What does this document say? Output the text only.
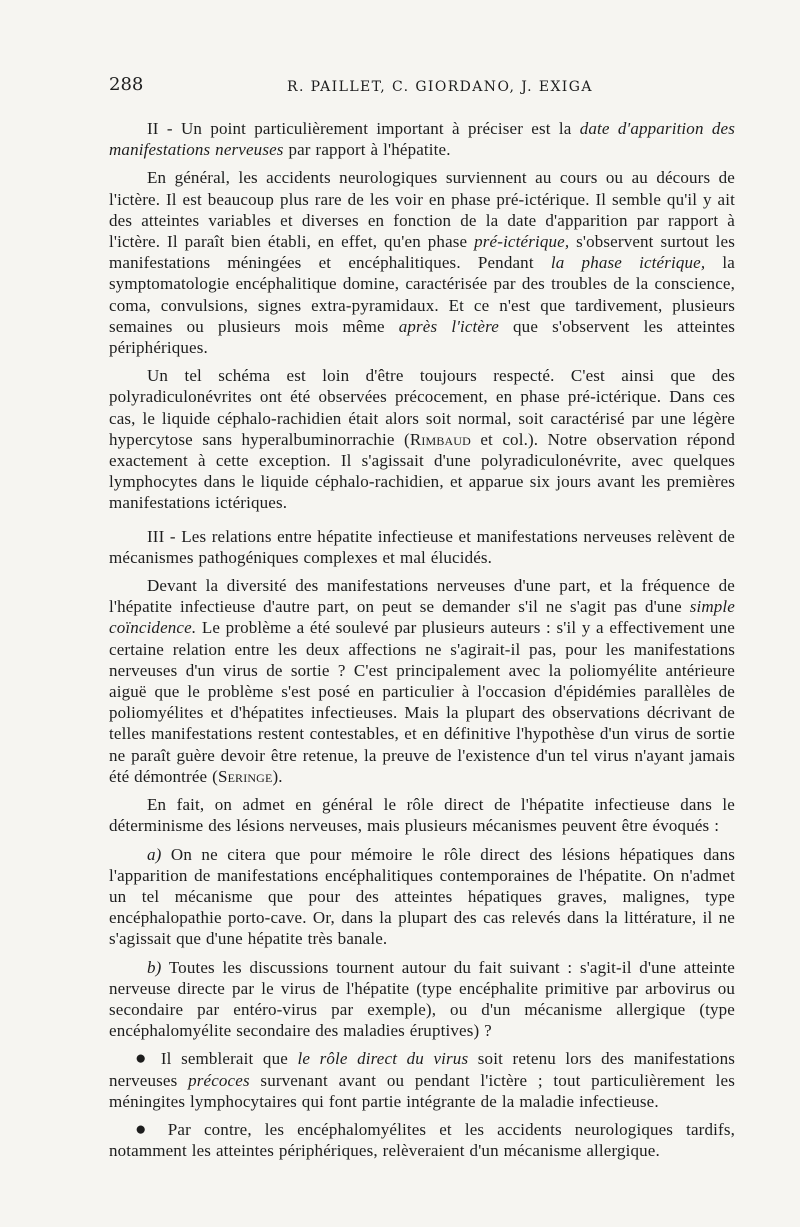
288	R. PAILLET, C. GIORDANO, J. EXIGA

II - Un point particulièrement important à préciser est la date d'apparition des manifestations nerveuses par rapport à l'hépatite.

En général, les accidents neurologiques surviennent au cours ou au décours de l'ictère. Il est beaucoup plus rare de les voir en phase pré-ictérique. Il semble qu'il y ait des atteintes variables et diverses en fonction de la date d'apparition par rapport à l'ictère. Il paraît bien établi, en effet, qu'en phase pré-ictérique, s'observent surtout les manifestations méningées et encéphalitiques. Pendant la phase ictérique, la symptomatologie encéphalitique domine, caractérisée par des troubles de la conscience, coma, convulsions, signes extra-pyramidaux. Et ce n'est que tardivement, plusieurs semaines ou plusieurs mois même après l'ictère que s'observent les atteintes périphériques.

Un tel schéma est loin d'être toujours respecté. C'est ainsi que des polyradiculonévrites ont été observées précocement, en phase pré-ictérique. Dans ces cas, le liquide céphalo-rachidien était alors soit normal, soit caractérisé par une légère hypercytose sans hyperalbuminorrachie (Rimbaud et col.). Notre observation répond exactement à cette exception. Il s'agissait d'une polyradiculonévrite, avec quelques lymphocytes dans le liquide céphalo-rachidien, et apparue six jours avant les premières manifestations ictériques.

III - Les relations entre hépatite infectieuse et manifestations nerveuses relèvent de mécanismes pathogéniques complexes et mal élucidés.

Devant la diversité des manifestations nerveuses d'une part, et la fréquence de l'hépatite infectieuse d'autre part, on peut se demander s'il ne s'agit pas d'une simple coïncidence. Le problème a été soulevé par plusieurs auteurs : s'il y a effectivement une certaine relation entre les deux affections ne s'agirait-il pas, pour les manifestations nerveuses d'un virus de sortie ? C'est principalement avec la poliomyélite antérieure aiguë que le problème s'est posé en particulier à l'occasion d'épidémies parallèles de poliomyélites et d'hépatites infectieuses. Mais la plupart des observations décrivant de telles manifestations restent contestables, et en définitive l'hypothèse d'un virus de sortie ne paraît guère devoir être retenue, la preuve de l'existence d'un tel virus n'ayant jamais été démontrée (Seringe).

En fait, on admet en général le rôle direct de l'hépatite infectieuse dans le déterminisme des lésions nerveuses, mais plusieurs mécanismes peuvent être évoqués :

a) On ne citera que pour mémoire le rôle direct des lésions hépatiques dans l'apparition de manifestations encéphalitiques contemporaines de l'hépatite. On n'admet un tel mécanisme que pour des atteintes hépatiques graves, malignes, type encéphalopathie porto-cave. Or, dans la plupart des cas relevés dans la littérature, il ne s'agissait que d'une hépatite très banale.

b) Toutes les discussions tournent autour du fait suivant : s'agit-il d'une atteinte nerveuse directe par le virus de l'hépatite (type encéphalite primitive par arbovirus ou secondaire par entéro-virus par exemple), ou d'un mécanisme allergique (type encéphalomyélite secondaire des maladies éruptives) ?

● Il semblerait que le rôle direct du virus soit retenu lors des manifestations nerveuses précoces survenant avant ou pendant l'ictère ; tout particulièrement les méningites lymphocytaires qui font partie intégrante de la maladie infectieuse.

● Par contre, les encéphalomyélites et les accidents neurologiques tardifs, notamment les atteintes périphériques, relèveraient d'un mécanisme allergique.
